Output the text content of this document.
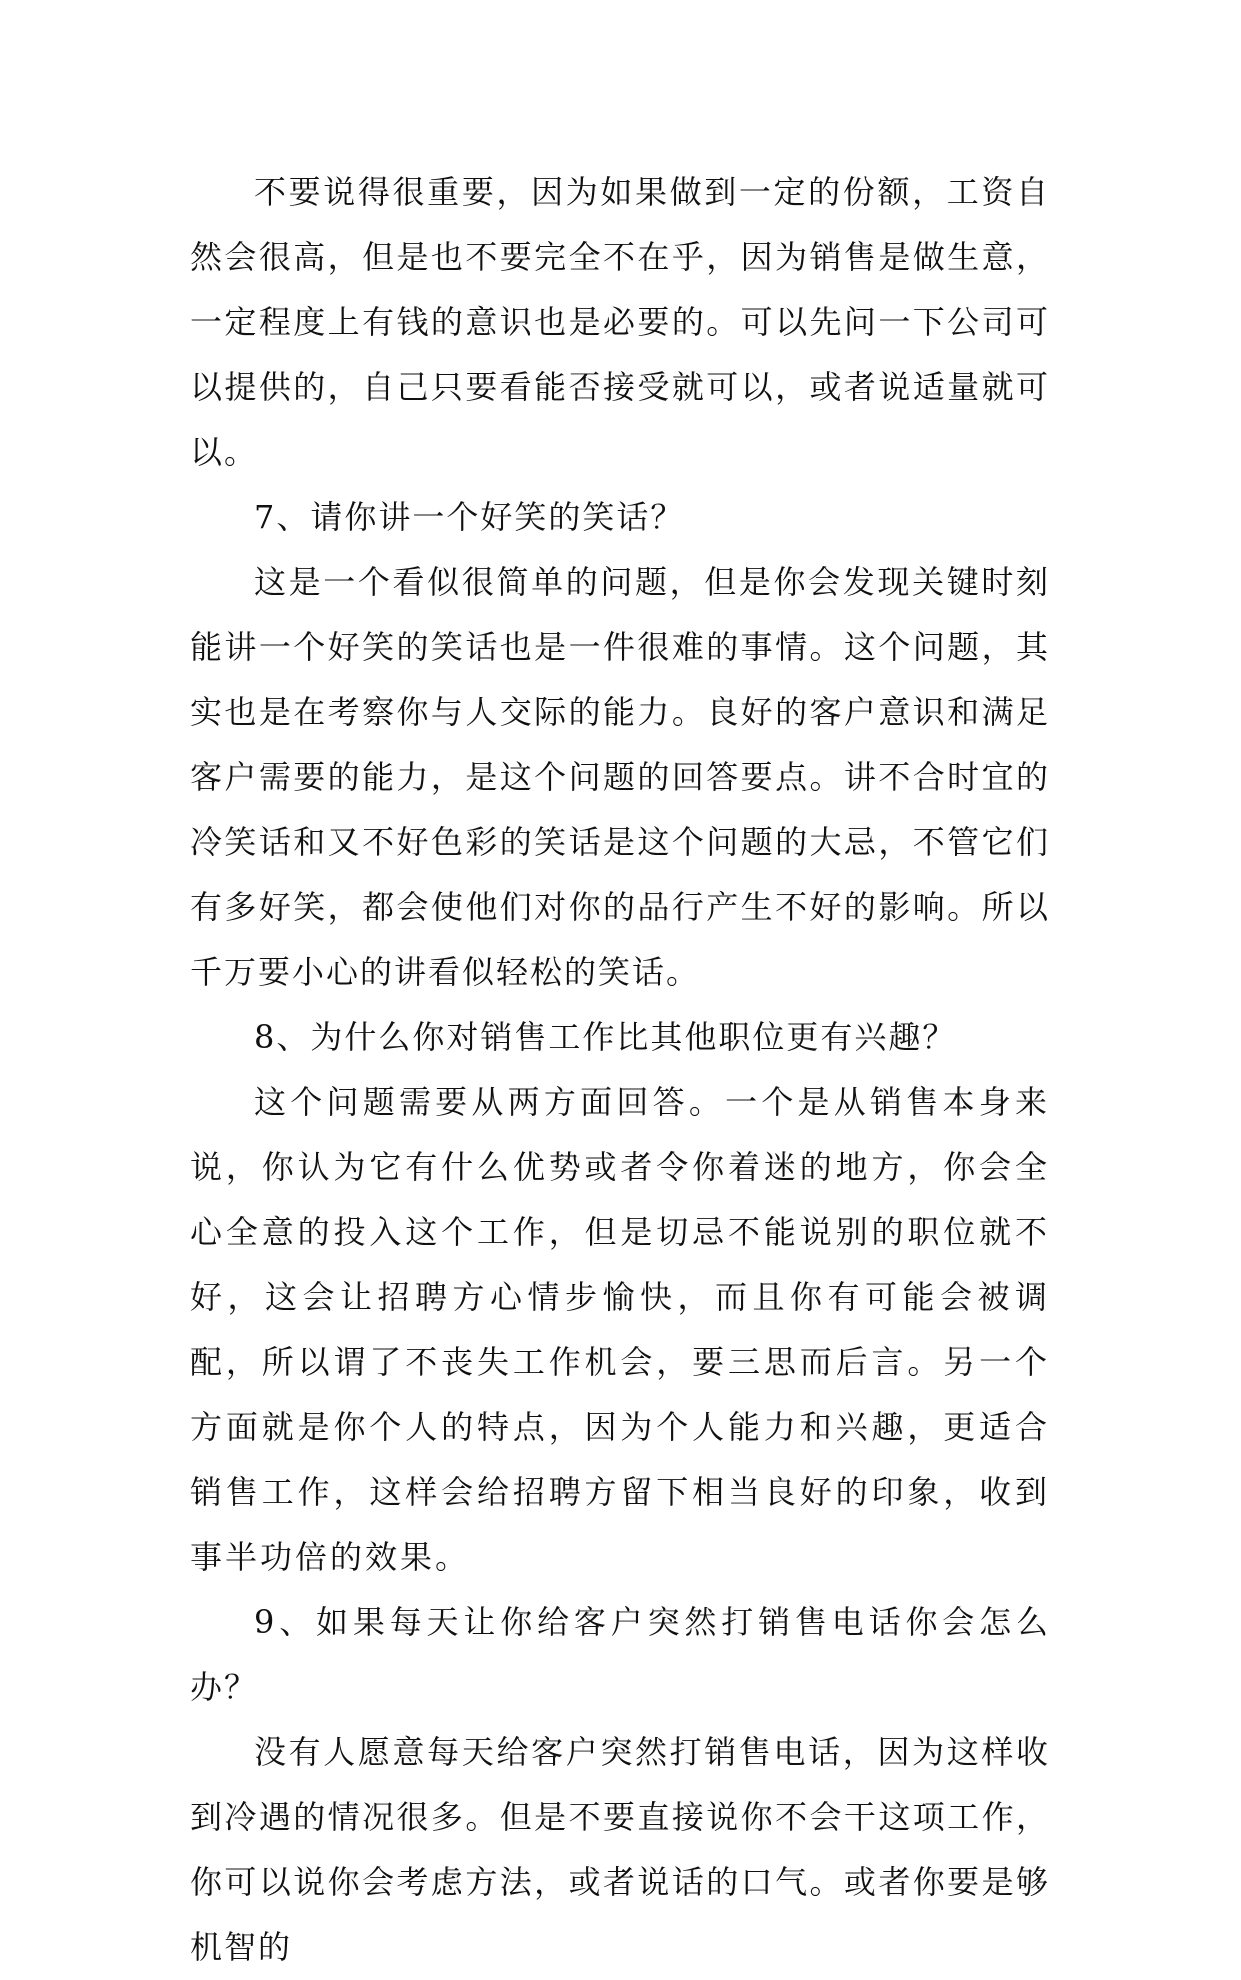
不要说得很重要，因为如果做到一定的份额，工资自然会很高，但是也不要完全不在乎，因为销售是做生意，一定程度上有钱的意识也是必要的。可以先问一下公司可以提供的，自己只要看能否接受就可以，或者说适量就可以。

7、请你讲一个好笑的笑话？

这是一个看似很简单的问题，但是你会发现关键时刻能讲一个好笑的笑话也是一件很难的事情。这个问题，其实也是在考察你与人交际的能力。良好的客户意识和满足客户需要的能力，是这个问题的回答要点。讲不合时宜的冷笑话和又不好色彩的笑话是这个问题的大忌，不管它们有多好笑，都会使他们对你的品行产生不好的影响。所以千万要小心的讲看似轻松的笑话。

8、为什么你对销售工作比其他职位更有兴趣？

这个问题需要从两方面回答。一个是从销售本身来说，你认为它有什么优势或者令你着迷的地方，你会全心全意的投入这个工作，但是切忌不能说别的职位就不好，这会让招聘方心情步愉快，而且你有可能会被调配，所以谓了不丧失工作机会，要三思而后言。另一个方面就是你个人的特点，因为个人能力和兴趣，更适合销售工作，这样会给招聘方留下相当良好的印象，收到事半功倍的效果。

9、如果每天让你给客户突然打销售电话你会怎么办？

没有人愿意每天给客户突然打销售电话，因为这样收到冷遇的情况很多。但是不要直接说你不会干这项工作，你可以说你会考虑方法，或者说话的口气。或者你要是够机智的
